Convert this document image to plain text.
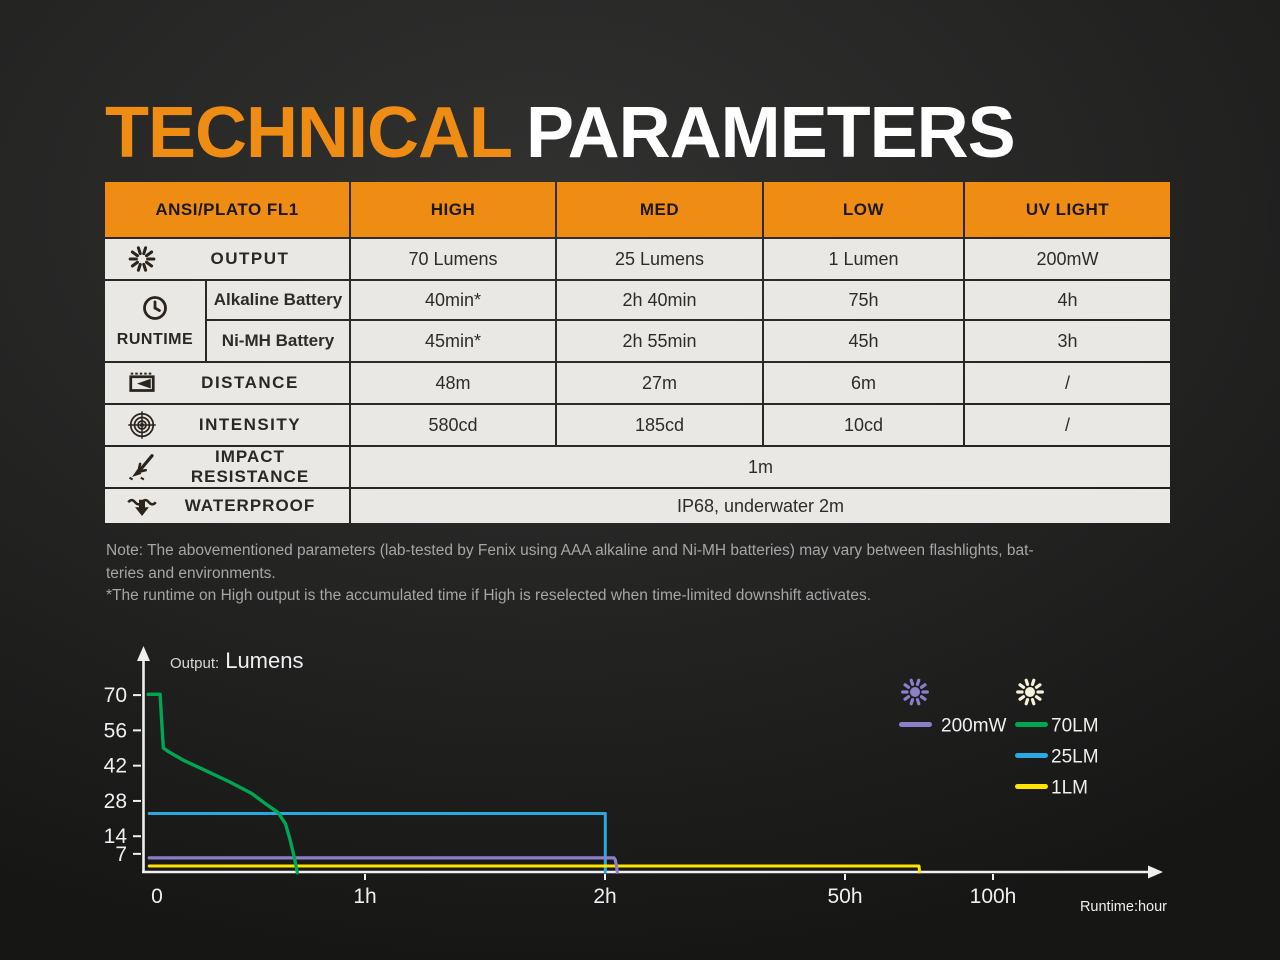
TECHNICAL PARAMETERS
ANSI/PLATO FL1	HIGH	MED	LOW	UV LIGHT
OUTPUT	70 Lumens	25 Lumens	1 Lumen	200mW
RUNTIME
Alkaline Battery	40min*	2h 40min	75h	4h
Ni-MH Battery	45min*	2h 55min	45h	3h
DISTANCE	48m	27m	6m	/
INTENSITY	580cd	185cd	10cd	/
IMPACT RESISTANCE	1m
WATERPROOF	IP68, underwater 2m
Note: The abovementioned parameters (lab-tested by Fenix using AAA alkaline and Ni-MH batteries) may vary between flashlights, bat-
teries and environments.
*The runtime on High output is the accumulated time if High is reselected when time-limited downshift activates.
Output: Lumens
70
56
42
28
14
7
0	1h	2h	50h	100h	Runtime:hour
200mW 70LM
25LM
1LM
